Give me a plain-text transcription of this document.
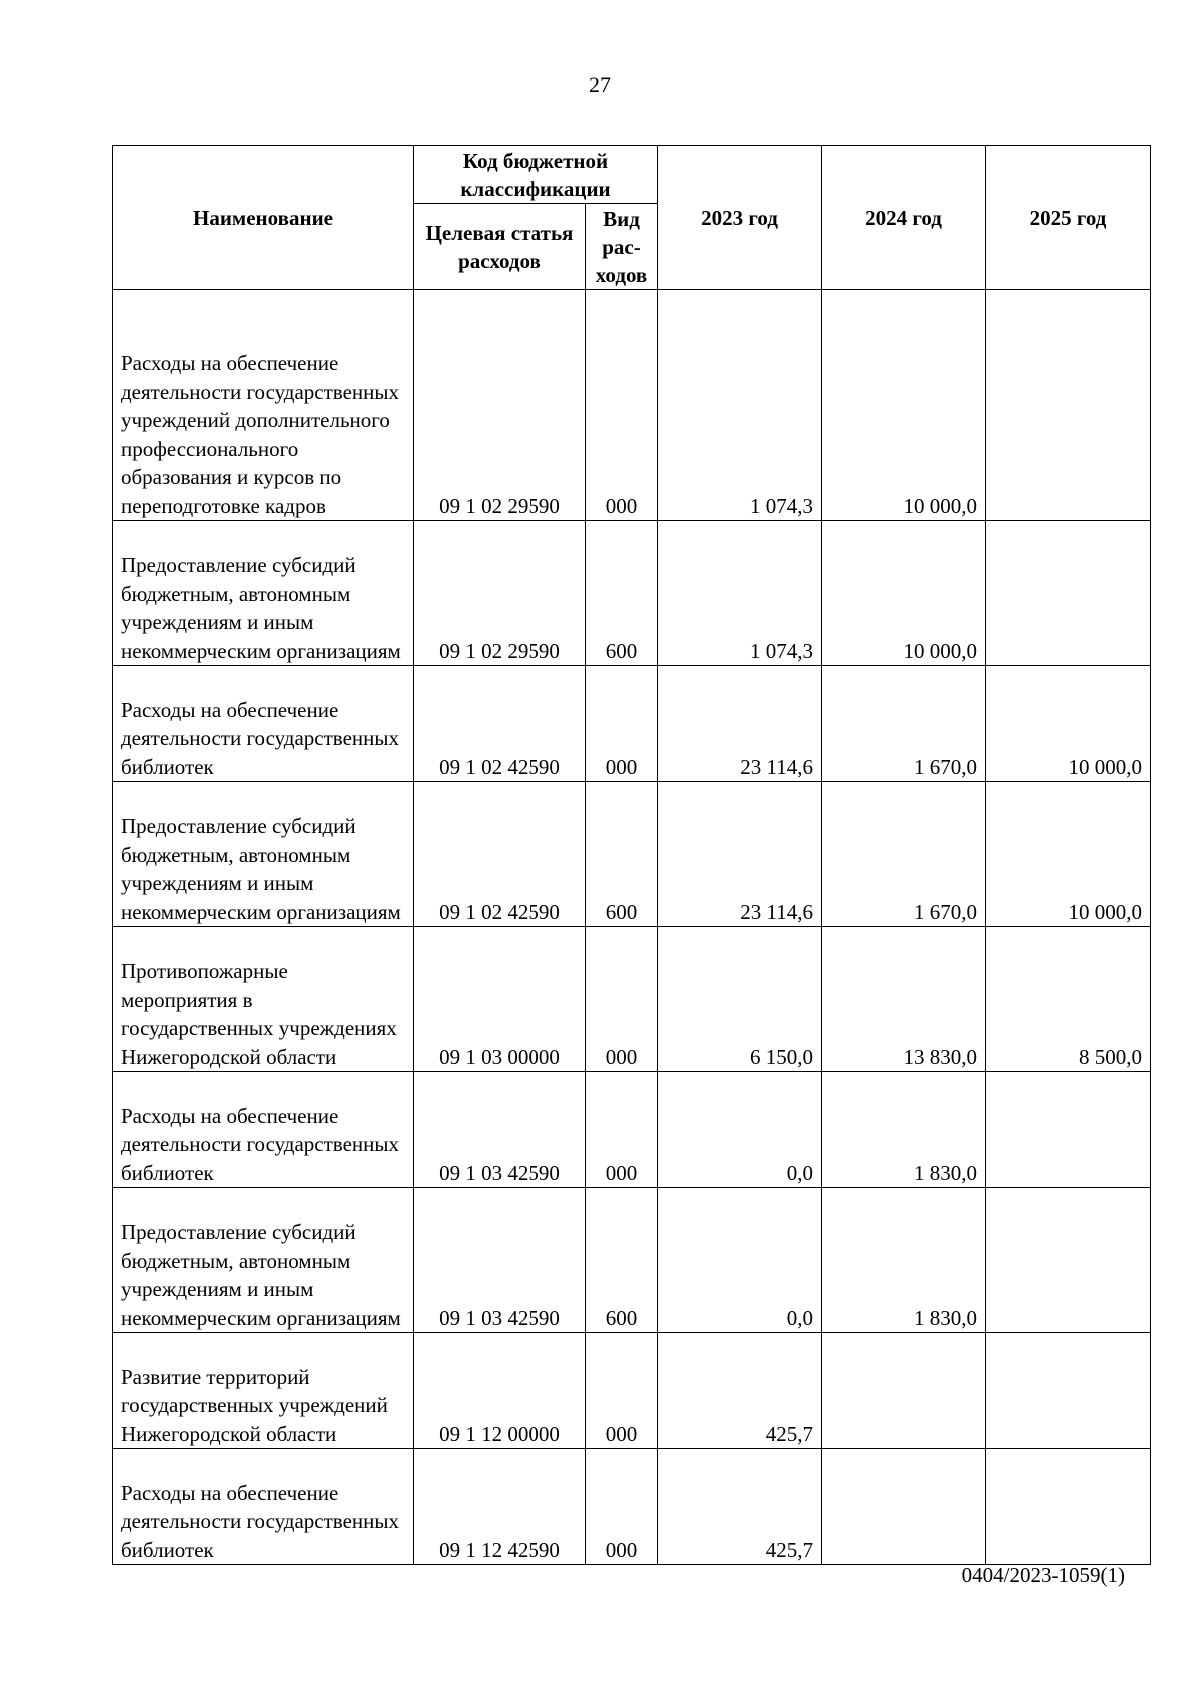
27
Наименование	Код бюджетной классификации		2023 год	2024 год	2025 год
	Целевая статья расходов	Вид рас-ходов			
Расходы на обеспечение деятельности государственных учреждений дополнительного профессионального образования и курсов по переподготовке кадров	09 1 02 29590	000	1 074,3	10 000,0	
Предоставление субсидий бюджетным, автономным учреждениям и иным некоммерческим организациям	09 1 02 29590	600	1 074,3	10 000,0	
Расходы на обеспечение деятельности государственных библиотек	09 1 02 42590	000	23 114,6	1 670,0	10 000,0
Предоставление субсидий бюджетным, автономным учреждениям и иным некоммерческим организациям	09 1 02 42590	600	23 114,6	1 670,0	10 000,0
Противопожарные мероприятия в государственных учреждениях Нижегородской области	09 1 03 00000	000	6 150,0	13 830,0	8 500,0
Расходы на обеспечение деятельности государственных библиотек	09 1 03 42590	000	0,0	1 830,0	
Предоставление субсидий бюджетным, автономным учреждениям и иным некоммерческим организациям	09 1 03 42590	600	0,0	1 830,0	
Развитие территорий государственных учреждений Нижегородской области	09 1 12 00000	000	425,7		
Расходы на обеспечение деятельности государственных библиотек	09 1 12 42590	000	425,7		
0404/2023-1059(1)
